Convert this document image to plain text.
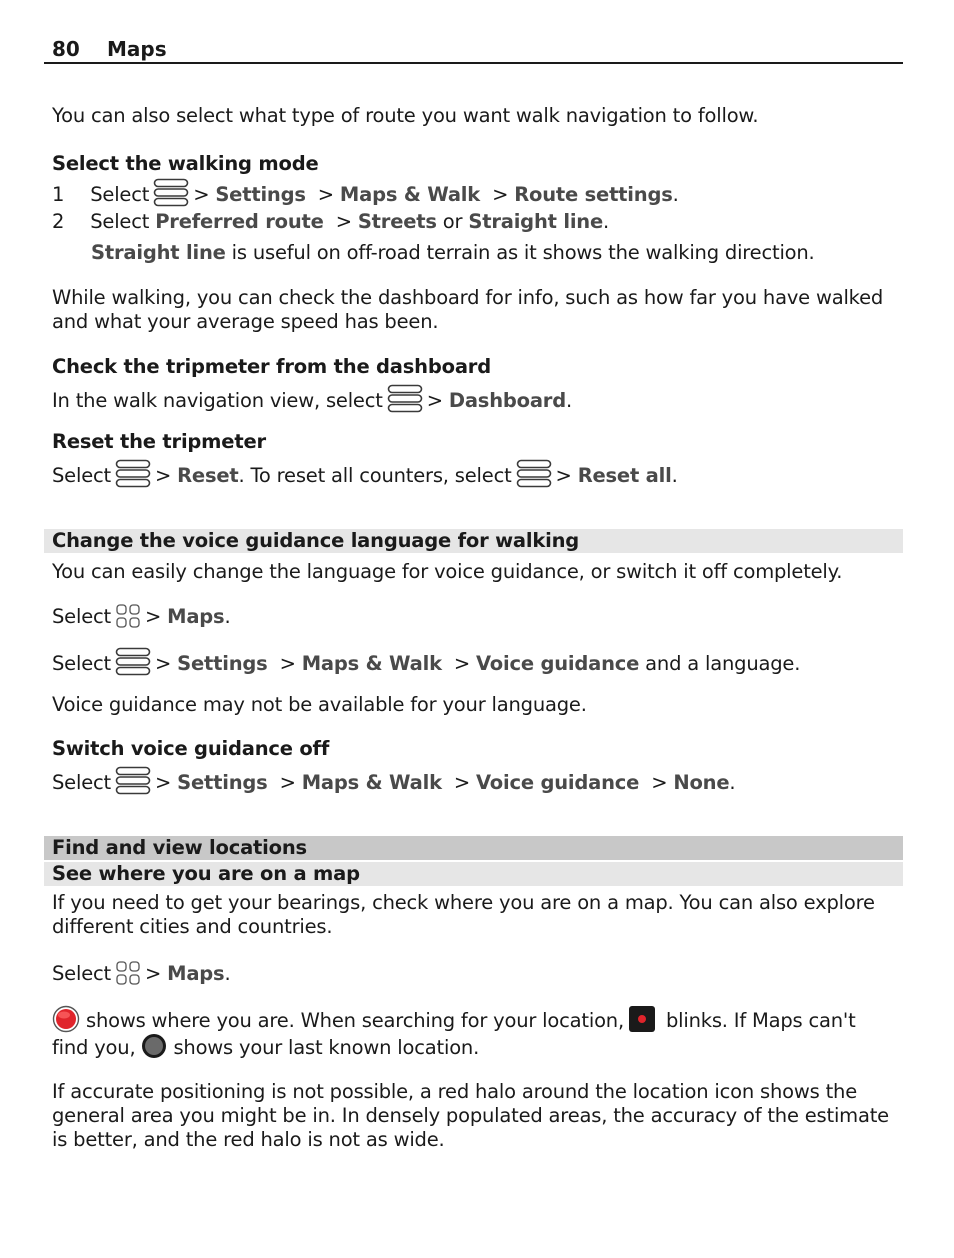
80 Maps
You can also select what type of route you want walk navigation to follow.
Select the walking mode
1 Select > Settings > Maps & Walk > Route settings.
2 Select Preferred route > Streets or Straight line.
Straight line is useful on off-road terrain as it shows the walking direction.
While walking, you can check the dashboard for info, such as how far you have walked and what your average speed has been.
Check the tripmeter from the dashboard
In the walk navigation view, select > Dashboard.
Reset the tripmeter
Select > Reset. To reset all counters, select > Reset all.
Change the voice guidance language for walking
You can easily change the language for voice guidance, or switch it off completely.
Select > Maps.
Select > Settings > Maps & Walk > Voice guidance and a language.
Voice guidance may not be available for your language.
Switch voice guidance off
Select > Settings > Maps & Walk > Voice guidance > None.
Find and view locations
See where you are on a map
If you need to get your bearings, check where you are on a map. You can also explore different cities and countries.
Select > Maps.
shows where you are. When searching for your location,
blinks. If Maps can't
find you,
shows your last known location.
If accurate positioning is not possible, a red halo around the location icon shows the general area you might be in. In densely populated areas, the accuracy of the estimate is better, and the red halo is not as wide.
